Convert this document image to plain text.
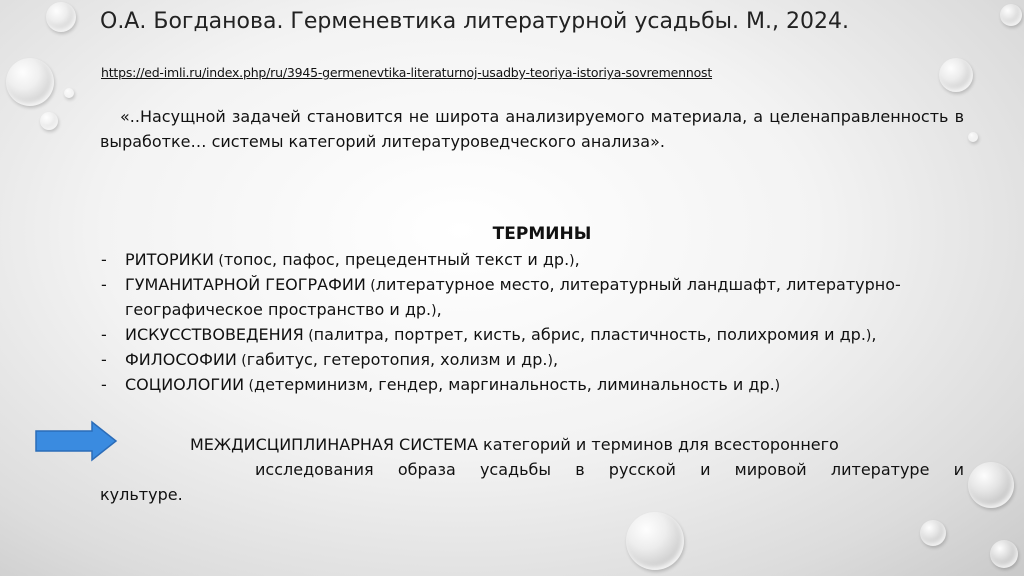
О.А. Богданова. Герменевтика литературной усадьбы. М., 2024.
https://ed-imli.ru/index.php/ru/3945-germenevtika-literaturnoj-usadby-teoriya-istoriya-sovremennost
«..Насущной задачей становится не широта анализируемого материала, а целенаправленность в выработке… системы категорий литературоведческого анализа».
ТЕРМИНЫ
- РИТОРИКИ (топос, пафос, прецедентный текст и др.),
- ГУМАНИТАРНОЙ ГЕОГРАФИИ (литературное место, литературный ландшафт, литературно-географическое пространство и др.),
- ИСКУССТВОВЕДЕНИЯ (палитра, портрет, кисть, абрис, пластичность, полихромия и др.),
- ФИЛОСОФИИ (габитус, гетеротопия, холизм и др.),
- СОЦИОЛОГИИ (детерминизм, гендер, маргинальность, лиминальность и др.)
МЕЖДИСЦИПЛИНАРНАЯ СИСТЕМА категорий и терминов для всестороннего
исследования образа усадьбы в русской и мировой литературе и
культуре.
